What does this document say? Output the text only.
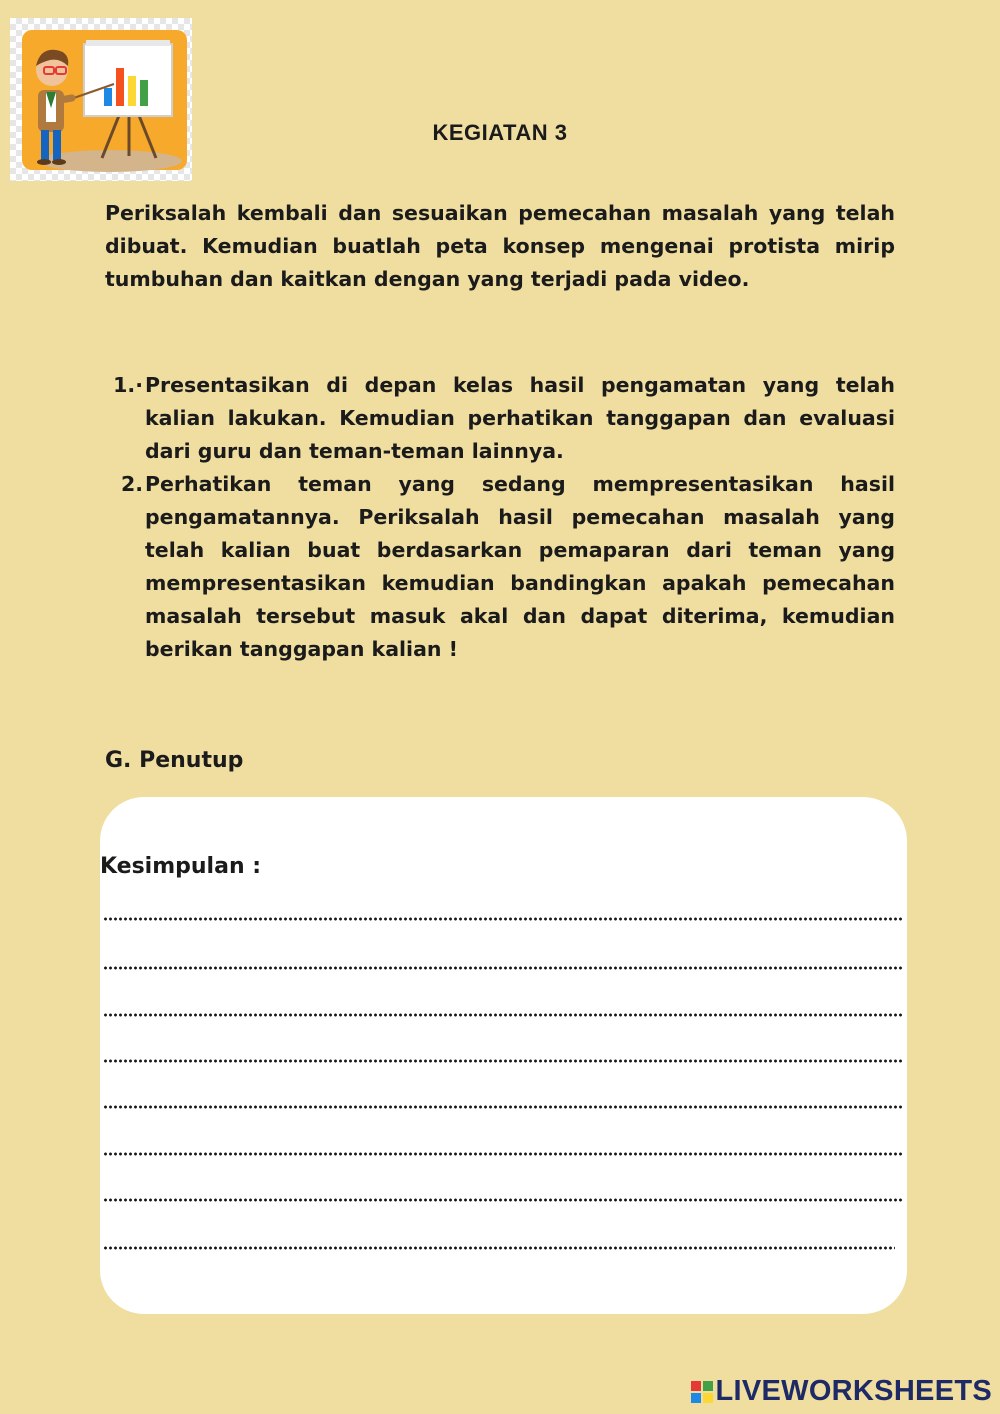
KEGIATAN 3
Periksalah kembali dan sesuaikan pemecahan masalah yang telah dibuat. Kemudian buatlah peta konsep mengenai protista mirip tumbuhan dan kaitkan dengan yang terjadi pada video.
1.· Presentasikan di depan kelas hasil pengamatan yang telah kalian lakukan. Kemudian perhatikan tanggapan dan evaluasi dari guru dan teman-teman lainnya.
2. Perhatikan teman yang sedang mempresentasikan hasil pengamatannya. Periksalah hasil pemecahan masalah yang telah kalian buat berdasarkan pemaparan dari teman yang mempresentasikan kemudian bandingkan apakah pemecahan masalah tersebut masuk akal dan dapat diterima, kemudian berikan tanggapan kalian !
G. Penutup
Kesimpulan :
LIVEWORKSHEETS
